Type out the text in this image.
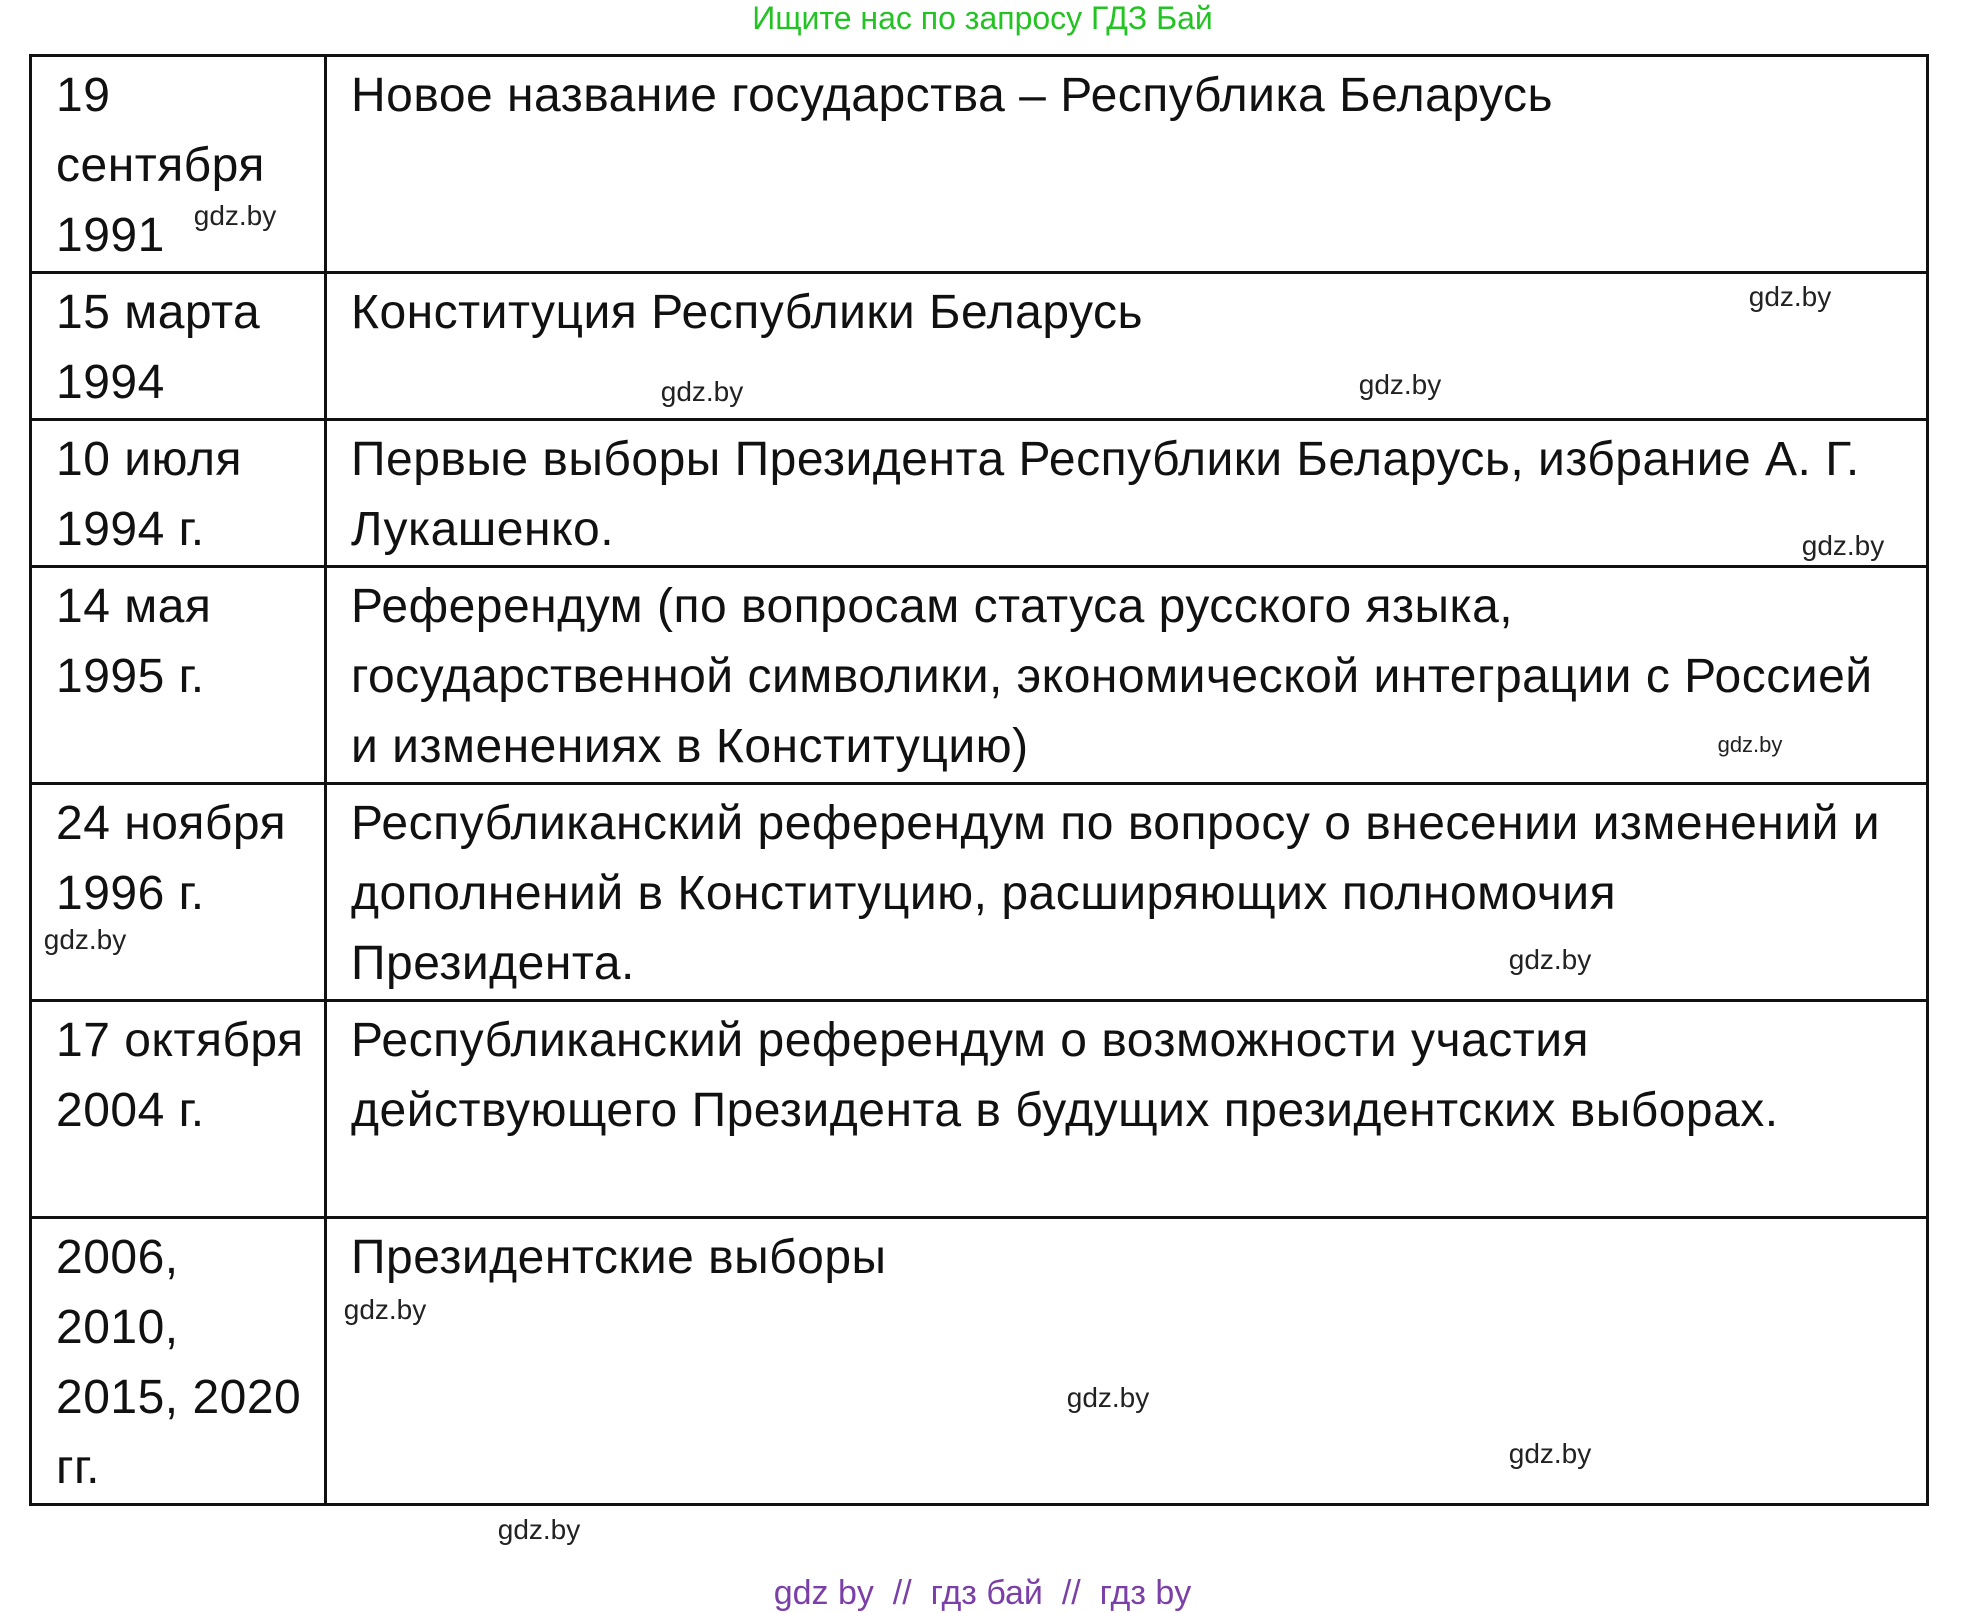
Ищите нас по запросу ГДЗ Бай
19 сентября 1991	Новое название государства – Республика Беларусь
15 марта 1994	Конституция Республики Беларусь
10 июля 1994 г.	Первые выборы Президента Республики Беларусь, избрание А. Г. Лукашенко.
14 мая 1995 г.	Референдум (по вопросам статуса русского языка, государственной символики, экономической интеграции с Россией и изменениях в Конституцию)
24 ноября 1996 г.	Республиканский референдум по вопросу о внесении изменений и дополнений в Конституцию, расширяющих полномочия Президента.
17 октября 2004 г.	Республиканский референдум о возможности участия действующего Президента в будущих президентских выборах.
2006, 2010, 2015, 2020 гг.	Президентские выборы
gdz.by
gdz.by
gdz.by
gdz.by
gdz.by
gdz.by
gdz.by
gdz.by
gdz.by
gdz.by
gdz.by
gdz.by
gdz by  //  гдз бай  //  гдз by
